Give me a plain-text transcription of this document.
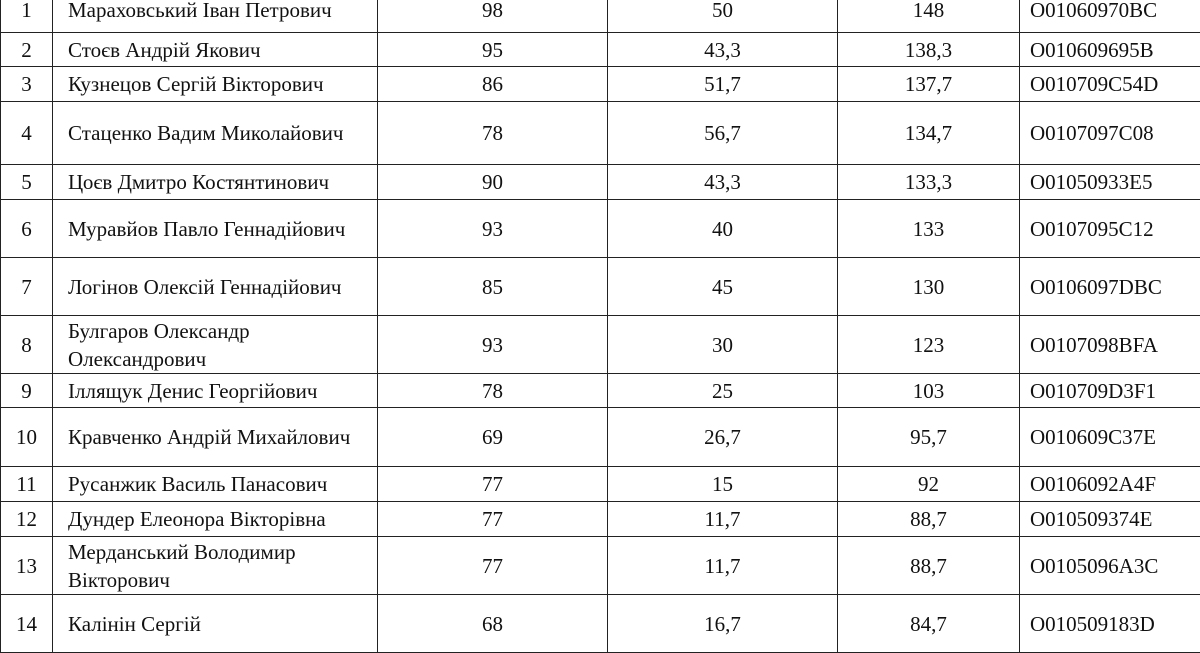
1	Мараховський Іван Петрович	98	50	148	O01060970BC
2	Стоєв Андрій Якович	95	43,3	138,3	O010609695B
3	Кузнецов Сергій Вікторович	86	51,7	137,7	O010709C54D
4	Стаценко Вадим Миколайович	78	56,7	134,7	O0107097C08
5	Цоєв Дмитро Костянтинович	90	43,3	133,3	O01050933E5
6	Муравйов Павло Геннадійович	93	40	133	O0107095C12
7	Логінов Олексій Геннадійович	85	45	130	O0106097DBC
8	Булгаров Олександр Олександрович	93	30	123	O0107098BFA
9	Іллящук Денис Георгійович	78	25	103	O010709D3F1
10	Кравченко Андрій Михайлович	69	26,7	95,7	O010609C37E
11	Русанжик Василь Панасович	77	15	92	O0106092A4F
12	Дундер Елеонора Вікторівна	77	11,7	88,7	O010509374E
13	Мерданський Володимир Вікторович	77	11,7	88,7	O0105096A3C
14	Калінін Сергій	68	16,7	84,7	O010509183D
